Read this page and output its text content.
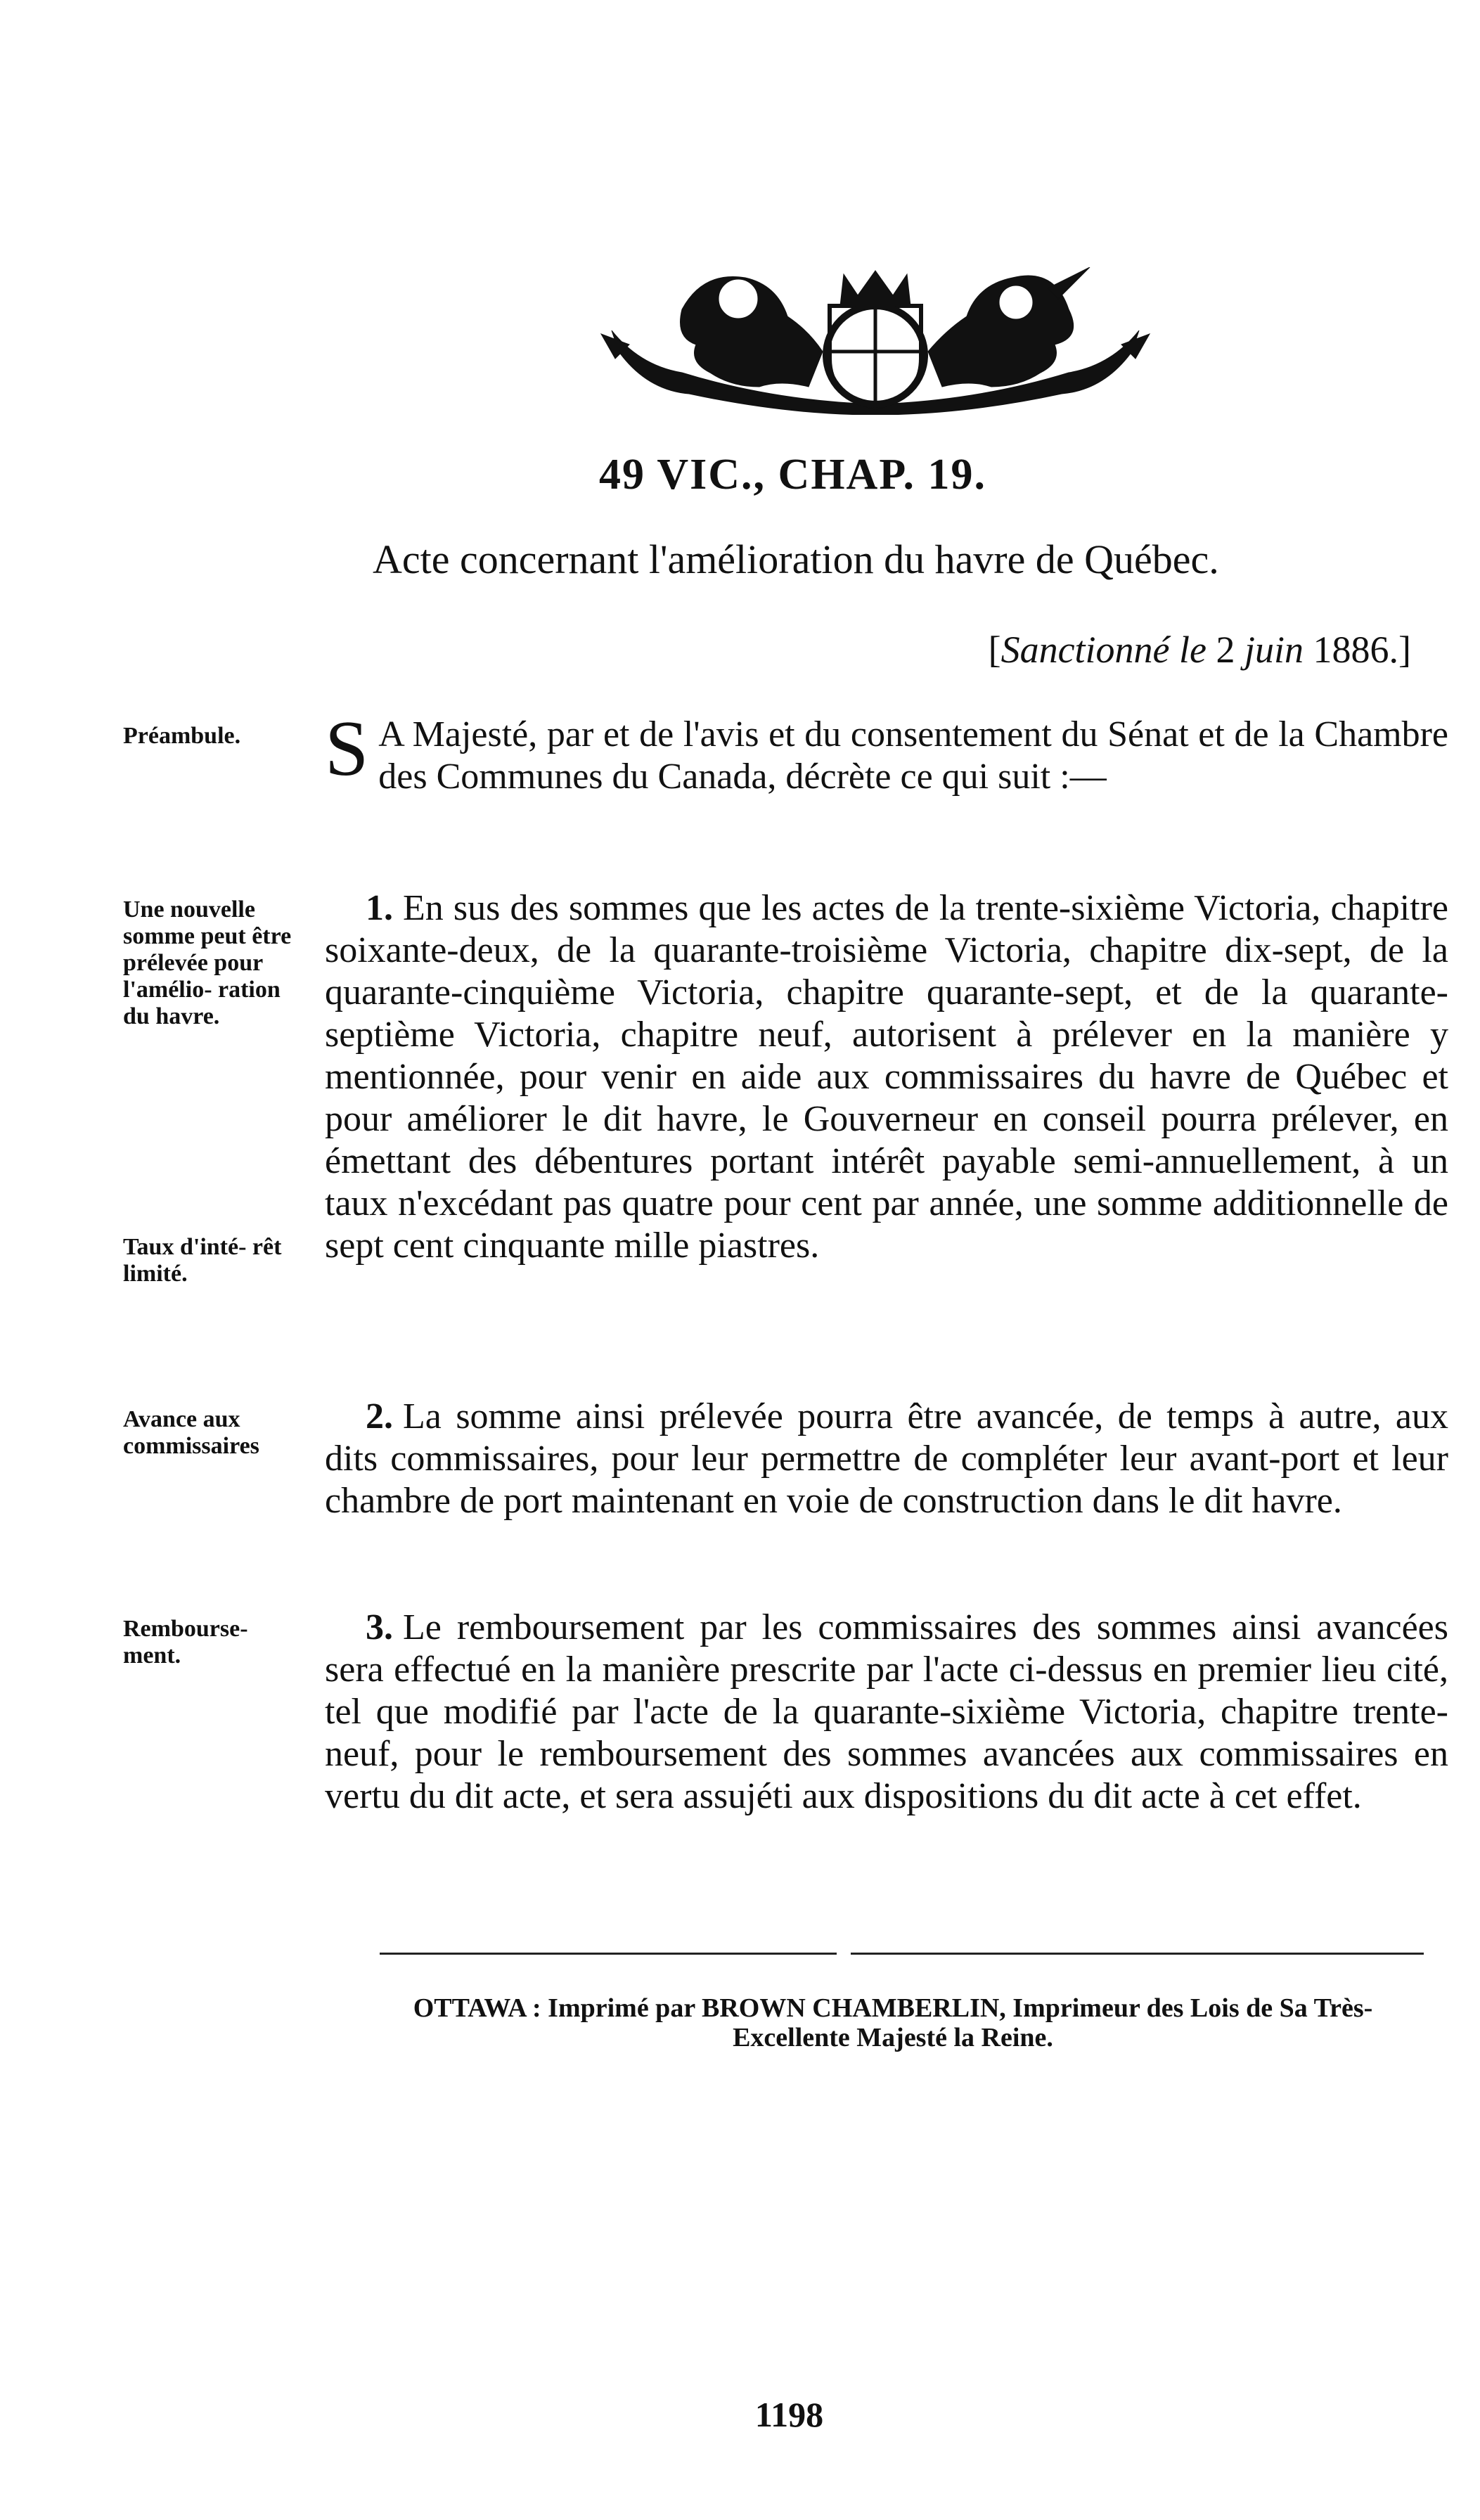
49 VIC., CHAP. 19.
Acte concernant l'amélioration du havre de Québec.
[Sanctionné le 2 juin 1886.]
Préambule.
Une nouvelle somme peut être prélevée pour l'amélio- ration du havre.
Taux d'inté- rêt limité.
Avance aux commissaires
Rembourse- ment.

S A Majesté, par et de l'avis et du consentement du Sénat et de la Chambre des Communes du Canada, décrète ce qui suit :—

1. En sus des sommes que les actes de la trente-sixième Victoria, chapitre soixante-deux, de la quarante-troisième Victoria, chapitre dix-sept, de la quarante-cinquième Victoria, chapitre quarante-sept, et de la quarante-septième Victoria, chapitre neuf, autorisent à prélever en la manière y mentionnée, pour venir en aide aux commissaires du havre de Québec et pour améliorer le dit havre, le Gouverneur en conseil pourra prélever, en émettant des débentures portant intérêt payable semi-annuellement, à un taux n'excédant pas quatre pour cent par année, une somme additionnelle de sept cent cinquante mille piastres.

2. La somme ainsi prélevée pourra être avancée, de temps à autre, aux dits commissaires, pour leur permettre de compléter leur avant-port et leur chambre de port maintenant en voie de construction dans le dit havre.

3. Le remboursement par les commissaires des sommes ainsi avancées sera effectué en la manière prescrite par l'acte ci-dessus en premier lieu cité, tel que modifié par l'acte de la quarante-sixième Victoria, chapitre trente-neuf, pour le remboursement des sommes avancées aux commissaires en vertu du dit acte, et sera assujéti aux dispositions du dit acte à cet effet.

OTTAWA : Imprimé par BROWN CHAMBERLIN, Imprimeur des Lois de Sa Très-
Excellente Majesté la Reine.
1198
